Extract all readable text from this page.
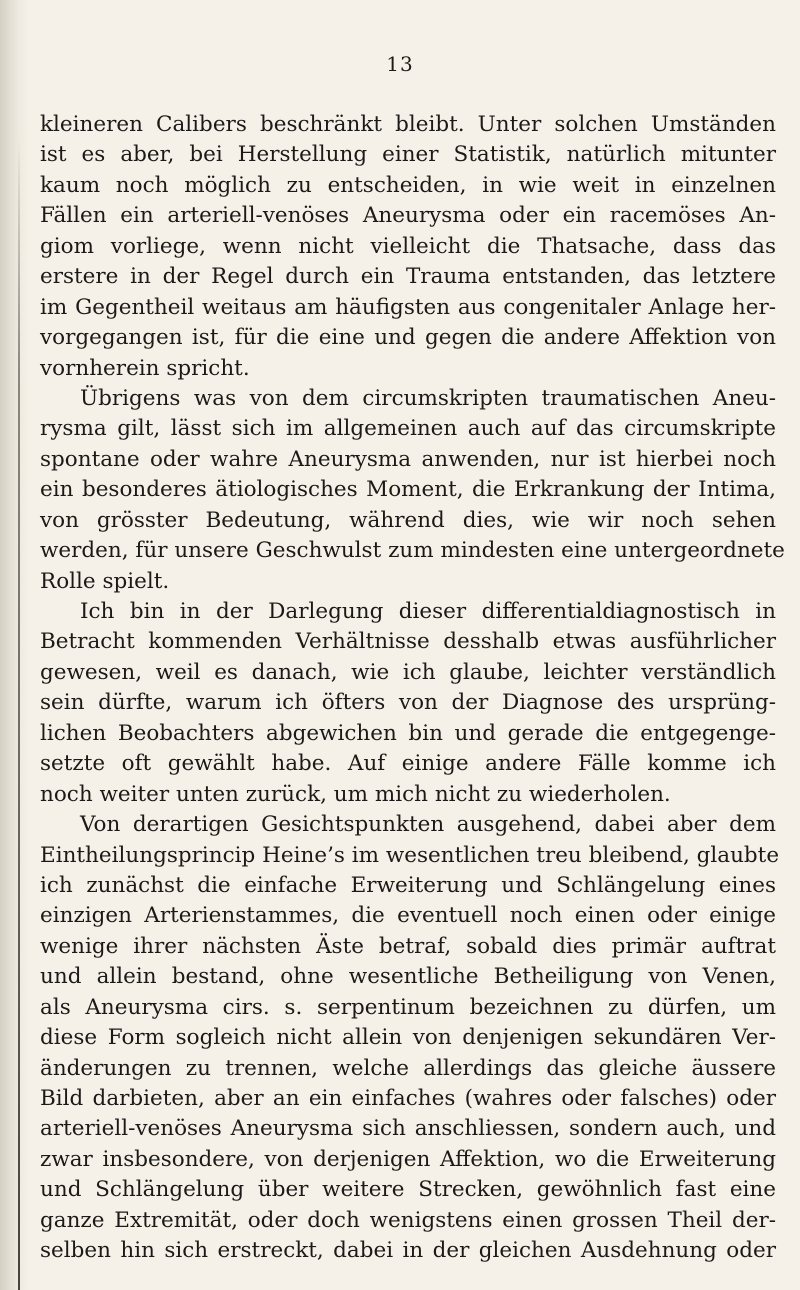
13
kleineren Calibers beschränkt bleibt. Unter solchen Umständen
ist es aber, bei Herstellung einer Statistik, natürlich mitunter
kaum noch möglich zu entscheiden, in wie weit in einzelnen
Fällen ein arteriell-venöses Aneurysma oder ein racemöses An-
giom vorliege, wenn nicht vielleicht die Thatsache, dass das
erstere in der Regel durch ein Trauma entstanden, das letztere
im Gegentheil weitaus am häufigsten aus congenitaler Anlage her-
vorgegangen ist, für die eine und gegen die andere Affektion von
vornherein spricht.
Übrigens was von dem circumskripten traumatischen Aneu-
rysma gilt, lässt sich im allgemeinen auch auf das circumskripte
spontane oder wahre Aneurysma anwenden, nur ist hierbei noch
ein besonderes ätiologisches Moment, die Erkrankung der Intima,
von grösster Bedeutung, während dies, wie wir noch sehen
werden, für unsere Geschwulst zum mindesten eine untergeordnete
Rolle spielt.
Ich bin in der Darlegung dieser differentialdiagnostisch in
Betracht kommenden Verhältnisse desshalb etwas ausführlicher
gewesen, weil es danach, wie ich glaube, leichter verständlich
sein dürfte, warum ich öfters von der Diagnose des ursprüng-
lichen Beobachters abgewichen bin und gerade die entgegenge-
setzte oft gewählt habe. Auf einige andere Fälle komme ich
noch weiter unten zurück, um mich nicht zu wiederholen.
Von derartigen Gesichtspunkten ausgehend, dabei aber dem
Eintheilungsprincip Heine’s im wesentlichen treu bleibend, glaubte
ich zunächst die einfache Erweiterung und Schlängelung eines
einzigen Arterienstammes, die eventuell noch einen oder einige
wenige ihrer nächsten Äste betraf, sobald dies primär auftrat
und allein bestand, ohne wesentliche Betheiligung von Venen,
als Aneurysma cirs. s. serpentinum bezeichnen zu dürfen, um
diese Form sogleich nicht allein von denjenigen sekundären Ver-
änderungen zu trennen, welche allerdings das gleiche äussere
Bild darbieten, aber an ein einfaches (wahres oder falsches) oder
arteriell-venöses Aneurysma sich anschliessen, sondern auch, und
zwar insbesondere, von derjenigen Affektion, wo die Erweiterung
und Schlängelung über weitere Strecken, gewöhnlich fast eine
ganze Extremität, oder doch wenigstens einen grossen Theil der-
selben hin sich erstreckt, dabei in der gleichen Ausdehnung oder
